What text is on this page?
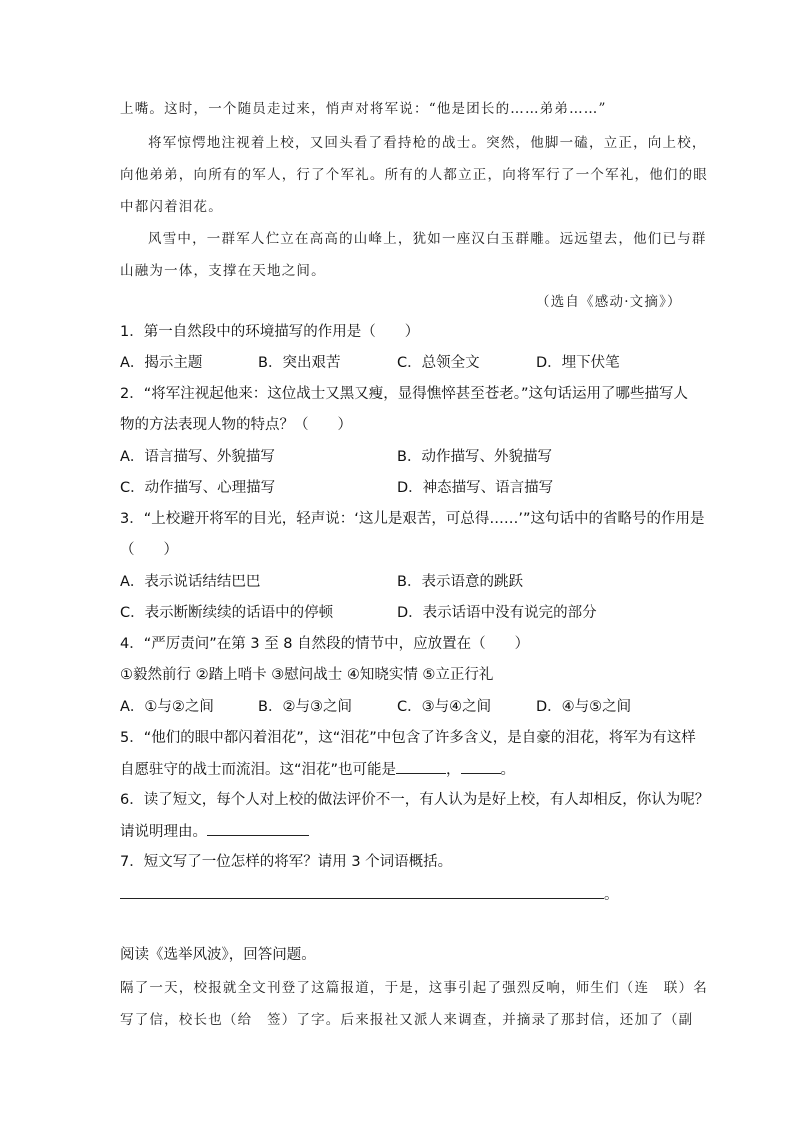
上嘴。这时，一个随员走过来，悄声对将军说：“他是团长的……弟弟……”
将军惊愕地注视着上校，又回头看了看持枪的战士。突然，他脚一磕，立正，向上校，
向他弟弟，向所有的军人，行了个军礼。所有的人都立正，向将军行了一个军礼，他们的眼
中都闪着泪花。
风雪中，一群军人伫立在高高的山峰上，犹如一座汉白玉群雕。远远望去，他们已与群
山融为一体，支撑在天地之间。
（选自《感动·文摘》）
1．第一自然段中的环境描写的作用是（　　）
A．揭示主题	B．突出艰苦	C．总领全文	D．埋下伏笔
2．“将军注视起他来：这位战士又黑又瘦，显得憔悴甚至苍老。”这句话运用了哪些描写人
物的方法表现人物的特点？（　　）
A．语言描写、外貌描写	B．动作描写、外貌描写
C．动作描写、心理描写	D．神态描写、语言描写
3．“上校避开将军的目光，轻声说：‘这儿是艰苦，可总得……’”这句话中的省略号的作用是
（　　）
A．表示说话结结巴巴	B．表示语意的跳跃
C．表示断断续续的话语中的停顿	D．表示话语中没有说完的部分
4．“严厉责问”在第 3 至 8 自然段的情节中，应放置在（　　）
①毅然前行 ②踏上哨卡 ③慰问战士 ④知晓实情 ⑤立正行礼
A．①与②之间	B．②与③之间	C．③与④之间	D．④与⑤之间
5．“他们的眼中都闪着泪花”，这“泪花”中包含了许多含义，是自豪的泪花，将军为有这样
自愿驻守的战士而流泪。这“泪花”也可能是	，	。
6．读了短文，每个人对上校的做法评价不一，有人认为是好上校，有人却相反，你认为呢？
请说明理由。
7．短文写了一位怎样的将军？请用 3 个词语概括。
。
阅读《选举风波》，回答问题。
隔了一天，校报就全文刊登了这篇报道，于是，这事引起了强烈反响，师生们（连　联）名
写了信，校长也（给　签）了字。后来报社又派人来调查，并摘录了那封信，还加了（副
